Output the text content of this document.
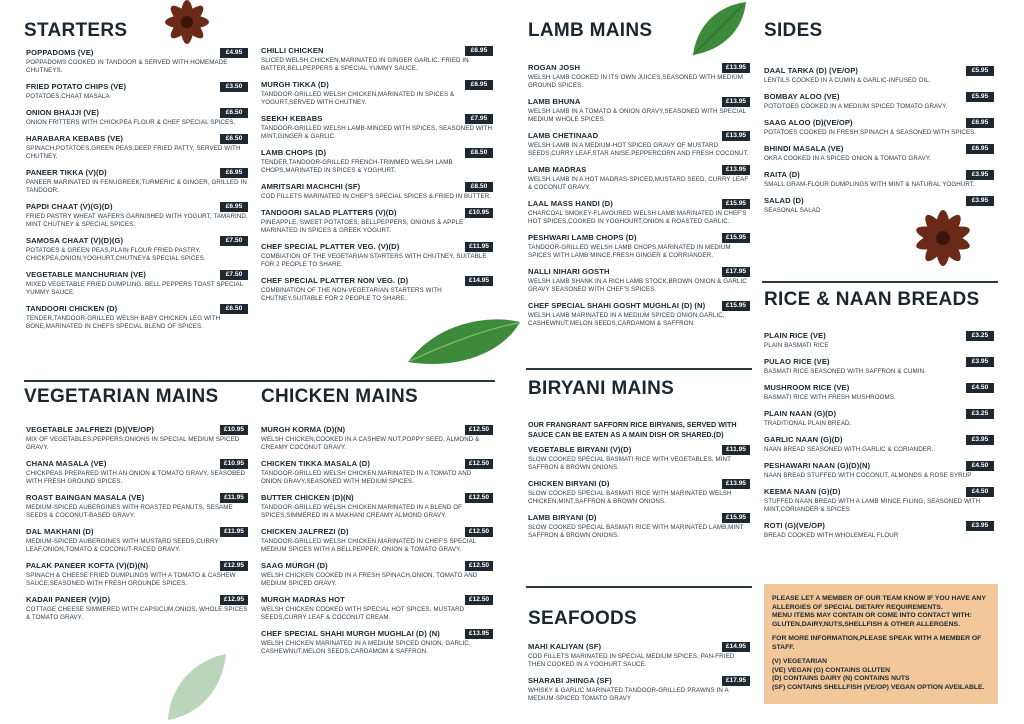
STARTERS
POPPADOMS (VE)	£4.95
POPPADOMS COOKED IN TANDOOR & SERVED WITH HOMEMADE CHUTNEYS.
FRIED POTATO CHIPS (VE)	£3.50
POTATOES,CHAAT MASALA
ONION BHAJJI (VE)	£6.50
ONION FRITTERS WITH CHICKPEA FLOUR & CHEF SPECIAL SPICES.
HARABARA KEBABS (VE)	£6.50
SPINACH,POTATOES,GREEN PEAS,DEEP FRIED PATTY, SERVED WITH CHUTNEY.
PANEER TIKKA (V)(D)	£6.95
PANEER MARINATED IN FENUGREEK,TURMERIC & GINGER, GRILLED IN TANDOOR.
PAPDI CHAAT (V)(G)(D)	£6.95
FRIED PASTRY WHEAT WAFERS GARNISHED WITH YOGURT, TAMARIND, MINT CHUTNEY & SPECIAL SPICES.
SAMOSA CHAAT (V)(D)(G)	£7.50
POTATOES & GREEN PEAS,PLAIN FLOUR FRIED PASTRY, CHICKPEA,ONION,YOGHURT,CHUTNEY& SPECIAL SPICES.
VEGETABLE MANCHURIAN (VE)	£7.50
MIXED VEGETABLE FRIED DUMPLING, BELL PEPPERS TOAST SPECIAL YUMMY SAUCE.
TANDOORI CHICKEN (D)	£6.50
TENDER,TANDOOR-GRILLED WELSH BABY CHICKEN LEG WITH BONE,MARINATED IN CHEFS SPECIAL BLEND OF SPICES.
CHILLI CHICKEN	£6.95
SLICED WELSH CHICKEN,MARINATED IN GINGER GARLIC, FRIED IN BATTER,BELLPEPPERS & SPECIAL YUMMY SAUCE.
MURGH TIKKA (D)	£6.95
TANDOOR-GRILLED WELSH CHICKEN,MARINATED IN SPICES & YOGURT,SERVED WITH CHUTNEY.
SEEKH KEBABS	£7.95
TANDOOR-GRILLED WELSH LAMB-MINCED WITH SPICES, SEASONED WITH MINT,GINGER & GARLIC.
LAMB CHOPS (D)	£8.50
TENDER,TANDOOR-GRILLED FRENCH-TRIMMED WELSH LAMB CHOPS,MARINATED IN SPICES & YOGHURT.
AMRITSARI MACHCHI (SF)	£8.50
COD FILLETS MARINATED IN CHEF'S SPECIAL SPICES & FRIED IN BUTTER.
TANDOORI SALAD PLATTERS (V)(D)	£10.95
PINEAPPLE, SWEET POTATOES, BELLPEPPERS, ONIONS & APPLE MARINATED IN SPICES & GREEK YOGURT.
CHEF SPECIAL PLATTER VEG. (V)(D)	£11.95
COMBIATION OF THE VEGETARIAN STARTERS WITH CHUTNEY, SUITABLE FOR 2 PEOPLE TO SHARE.
CHEF SPECIAL PLATTER NON VEG. (D)	£14.95
COMBINATION OF THE NON-VEGETARIAN STARTERS WITH CHUTNEY,SUITABLE FOR 2 PEOPLE TO SHARE.
VEGETARIAN MAINS
VEGETABLE JALFREZI (D)(VE/OP)	£10.95
MIX OF VEGETABLES,PEPPERS,ONIONS IN SPECIAL MEDIUM SPICED GRAVY.
CHANA MASALA (VE)	£10.95
CHICKPEAS PREPARED WITH AN ONION & TOMATO GRAVY, SEASOBED WITH FRESH GROUND SPICES.
ROAST BAINGAN MASALA (VE)	£11.95
MEDIUM-SPICED AUBERGINES WITH ROASTED PEANUTS, SESAME SEEDS & COCONUT-BASED GRAVY.
DAL MAKHANI (D)	£11.95
MEDIUM-SPICED AUBERGINES WITH MUSTARD SEEDS,CURRY LEAF,ONION,TOMATO & COCONUT-RACED GRAVY.
PALAK PANEER KOFTA (V)(D)(N)	£12.95
SPINACH & CHEESE FRIED DUMPLINGS WITH A TOMATO & CASHEW SAUCE,SEASONED WITH FRESH GROUNDE SPICES.
KADAII PANEER (V)(D)	£12.95
COTTAGE CHEESE SIMMERED WITH CAPSICUM,ONIOS, WHOLE SPICES & TOMATO GRAVY.
CHICKEN MAINS
MURGH KORMA (D)(N)	£12.50
WELSH CHICKEN,COOKED IN A CASHEW NUT,POPPY SEED, ALMOND & CREAMY COCONUT GRAVY.
CHICKEN TIKKA MASALA (D)	£12.50
TANDOOR-GRILLED WELSH CHICKEN,MARINATED IN A TOMATO AND ONION GRAVY,SEASONED WITH MEDIUM SPICES.
BUTTER CHICKEN (D)(N)	£12.50
TANDOOR-GRILLED WELSH CHICKEN,MARINATED IN A BLEND OF SPICES,SIMMERED IN A MAKHANI CREAMY ALMOND GRAVY.
CHICKEN JALFREZI (D)	£12.50
TANDOOR-GRILLED WELSH CHICKEN,MARINATED IN CHEF'S SPECIAL MEDIUM SPICES WITH A BELLPEPPER, ONION & TOMATO GRAVY.
SAAG MURGH (D)	£12.50
WELSH CHICKEN COOKED IN A FRESH SPINACH,ONION, TOMATO AND MEDIUM SPICED GRAVY.
MURGH MADRAS HOT	£12.50
WELSH CHICKEN COOKED WITH SPECIAL HOT SPICES, MUSTARD SEEDS,CURRY LEAF & COCONUT CREAM.
CHEF SPECIAL SHAHI MURGH MUGHLAI (D) (N)	£13.95
WELSH CHICKEN MARINATED IN A MEDIUM SPICED ONION, GARLIC, CASHEWNUT,MELON SEEDS,CARDAMOM & SAFFRON.
LAMB MAINS
ROGAN JOSH	£13.95
WELSH LAMB COOKED IN ITS OWN JUICES,SEASONED WITH MEDIUM GROUND SPICES.
LAMB BHUNA	£13.95
WELSH LAMB IN A TOMATO & ONION GRAVY,SEASONED WITH SPECIAL MEDIUM WHOLE SPICES.
LAMB CHETINAAD	£13.95
WELSH LAMB IN A MEDIUM-HOT SPICED GRAVY OF MUSTARD SEEDS,CURRY LEAF,STAR ANISE,PEPPERCORN AND FRESH COCONUT.
LAMB MADRAS	£13.95
WELSH LAMB IN A HOT MADRAS-SPICED,MUSTARD SEED, CURRY LEAF & COCONUT GRAVY.
LAAL MASS HANDI (D)	£15.95
CHARCOAL SMOKEY-FLAVOURED WELSH LAMB MARINATED IN CHEF'S HOT SPICES,COOKED IN YOGHOURT,ONION & ROASTED GARLIC.
PESHWARI LAMB CHOPS (D)	£15.95
TANDOOR-GRILLED WELSH LAMB CHOPS,MARINATED IN MEDIUM SPICES WITH LAMB MINCE,FRESH GINGER & CORRIANDER.
NALLI NIHARI GOSTH	£17.95
WELSH LAMB SHANK IN A RICH LAMB STOCK,BROWN ONION & GARLIC GRAVY SEASONED WITH CHEF'S SPICES.
CHEF SPECIAL SHAHI GOSHT MUGHLAI (D) (N)	£15.95
WELSH LAMB MARINATED IN A MEDIUM SPICED ONION,GARLIC, CASHEWNUT,MELON SEEDS,CARDAMOM & SAFFRON.
BIRYANI MAINS
OUR FRANGRANT SAFFORN RICE BIRYANIS, SERVED WITH SAUCE CAN BE EATEN AS A MAIN DISH OR SHARED.(D)
VEGETABLE BIRYANI (V)(D)	£11.95
SLOW COOKED SPECIAL BASMATI RICE WITH VEGETABLES, MINT SAFFRON & BROWN ONIONS.
CHICKEN BIRYANI (D)	£13.95
SLOW COOKED SPECIAL BASMATI RICE WITH MARINATED WELSH CHICKEN,MINT,SAFFRON & BROWN ONIONS.
LAMB BIRYANI (D)	£15.95
SLOW COOKED SPECIAL BASMATI RICE WITH MARINATED LAMB,MINT SAFFRON & BROWN ONIONS.
SEAFOODS
MAHI KALIYAN (SF)	£14.95
COD FILLETS MARINATED IN SPECIAL MEDIUM SPICES, PAN-FRIED THEN COOKED IN A YOGHURT SAUCE.
SHARABI JHINGA (SF)	£17.95
WHISKY & GARLIC MARINATED,TANDOOR-GRILLED PRAWNS IN A MEDIUM-SPICED TOMATO GRAVY
SIDES
DAAL TARKA (D) (VE/OP)	£5.95
LENTILS COOKED IN A CUMIN & GARLIC-INFUSED OIL.
BOMBAY ALOO (VE)	£5.95
POTOTOES COOKED IN A MEDIUM SPICED TOMATO GRAVY.
SAAG ALOO (D)(VE/OP)	£6.95
POTATOES COOKED IN FRESH SPINACH & SEASONED WITH SPICES.
BHINDI MASALA (VE)	£6.95
OKRA COOKED IN A SPICED ONION & TOMATO GRAVY.
RAITA (D)	£3.95
SMALL GRAM-FLOUR DUMPLINGS WITH MINT & NATURAL YOGHURT.
SALAD (D)	£3.95
SEASONAL SALAD
RICE & NAAN BREADS
PLAIN RICE (VE)	£3.25
PLAIN BASMATI RICE
PULAO RICE (VE)	£3.95
BASMATI RICE SEASONED WITH SAFFRON & CUMIN.
MUSHROOM RICE (VE)	£4.50
BASMATI RICE WITH FRESH MUSHROOMS.
PLAIN NAAN (G)(D)	£3.25
TRADITIONAL PLAIN BREAD.
GARLIC NAAN (G)(D)	£3.95
NAAN BREAD SEASONED WITH GARLIC & CORIANDER.
PESHAWARI NAAN (G)(D)(N)	£4.50
NAAN BREAD STUFFED WITH COCONUT, ALMONDS & ROSE SYRUP
KEEMA NAAN (G)(D)	£4.50
STUFFED NAAN BREAD WITH A LAMB MINCE FILING, SEASONED WITH MINT,CORIANDER & SPICES
ROTI (G)(VE/OP)	£3.95
BREAD COOKED WITH WHOLEMEAL FLOUR

PLEASE LET A MEMBER OF OUR TEAM KNOW IF YOU HAVE ANY ALLERGIES OF SPECIAL DIETARY REQUIREMENTS.

MENU ITEMS MAY CONTAIN OR COME INTO CONTACT WITH: GLUTEN,DAIRY,NUTS,SHELLFISH & OTHER ALLERGENS.

FOR MORE INFORMATION,PLEASE SPEAK WITH A MEMBER OF STAFF.

(V) VEGETARIAN

(VE) VEGAN (G) CONTAINS GLUTEN

(D) CONTAINS DAIRY (N) CONTAINS NUTS

(SF) CONTAINS SHELLFISH (VE/OP) VEGAN OPTION AVEILABLE.
